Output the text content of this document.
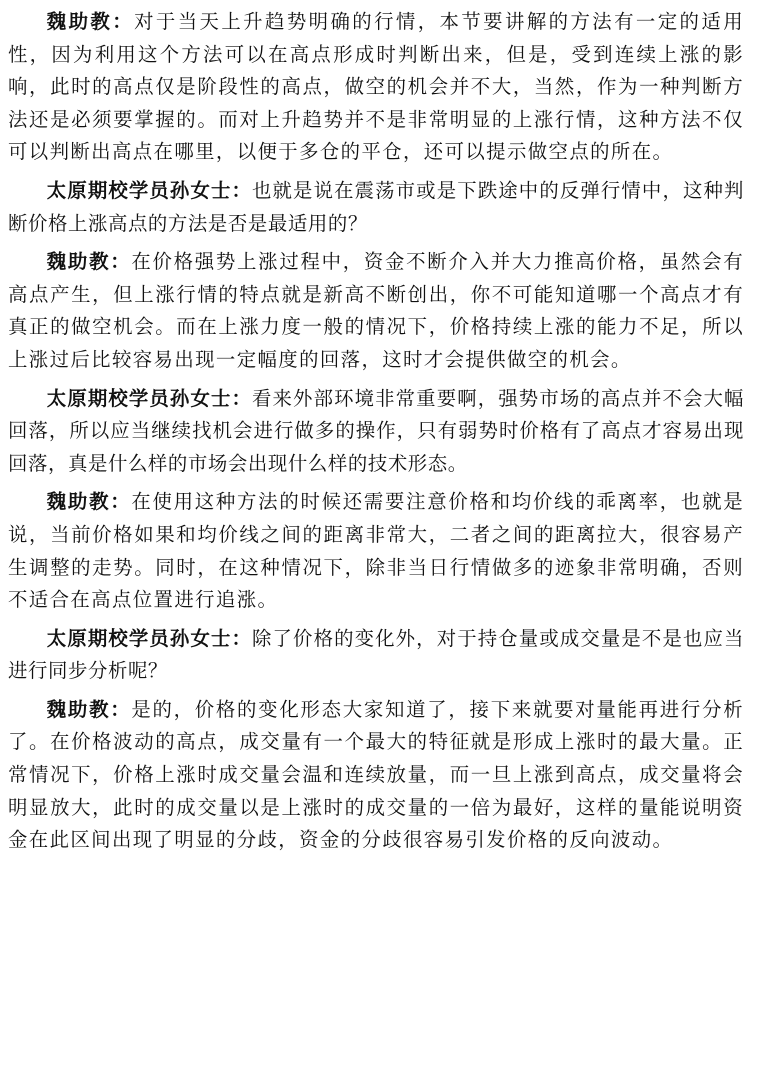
魏助教：对于当天上升趋势明确的行情，本节要讲解的方法有一定的适用性，因为利用这个方法可以在高点形成时判断出来，但是，受到连续上涨的影响，此时的高点仅是阶段性的高点，做空的机会并不大，当然，作为一种判断方法还是必须要掌握的。而对上升趋势并不是非常明显的上涨行情，这种方法不仅可以判断出高点在哪里，以便于多仓的平仓，还可以提示做空点的所在。

太原期校学员孙女士：也就是说在震荡市或是下跌途中的反弹行情中，这种判断价格上涨高点的方法是否是最适用的？

魏助教：在价格强势上涨过程中，资金不断介入并大力推高价格，虽然会有高点产生，但上涨行情的特点就是新高不断创出，你不可能知道哪一个高点才有真正的做空机会。而在上涨力度一般的情况下，价格持续上涨的能力不足，所以上涨过后比较容易出现一定幅度的回落，这时才会提供做空的机会。

太原期校学员孙女士：看来外部环境非常重要啊，强势市场的高点并不会大幅回落，所以应当继续找机会进行做多的操作，只有弱势时价格有了高点才容易出现回落，真是什么样的市场会出现什么样的技术形态。

魏助教：在使用这种方法的时候还需要注意价格和均价线的乖离率，也就是说，当前价格如果和均价线之间的距离非常大，二者之间的距离拉大，很容易产生调整的走势。同时，在这种情况下，除非当日行情做多的迹象非常明确，否则不适合在高点位置进行追涨。

太原期校学员孙女士：除了价格的变化外，对于持仓量或成交量是不是也应当进行同步分析呢？

魏助教：是的，价格的变化形态大家知道了，接下来就要对量能再进行分析了。在价格波动的高点，成交量有一个最大的特征就是形成上涨时的最大量。正常情况下，价格上涨时成交量会温和连续放量，而一旦上涨到高点，成交量将会明显放大，此时的成交量以是上涨时的成交量的一倍为最好，这样的量能说明资金在此区间出现了明显的分歧，资金的分歧很容易引发价格的反向波动。
